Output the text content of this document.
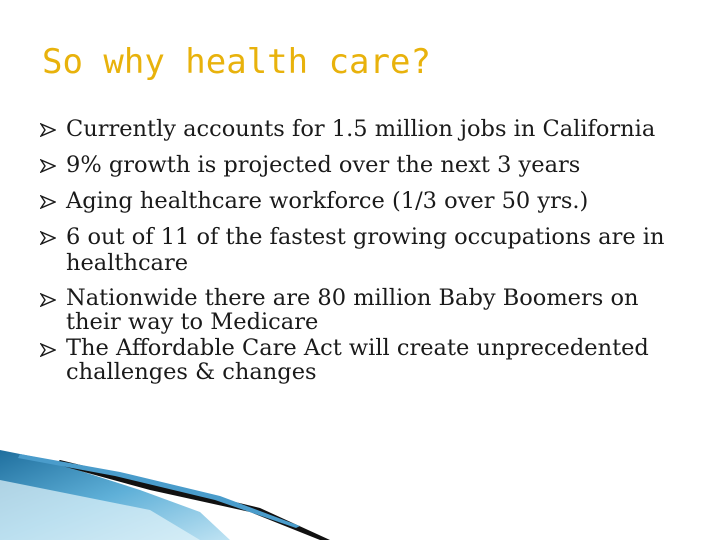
So why health care?
Currently accounts for 1.5 million jobs in California
9% growth is projected over the next 3 years
Aging healthcare workforce (1/3 over 50 yrs.)
6 out of 11 of the fastest growing occupations are in healthcare
Nationwide there are 80 million Baby Boomers on their way to Medicare
The Affordable Care Act will create unprecedented challenges & changes
